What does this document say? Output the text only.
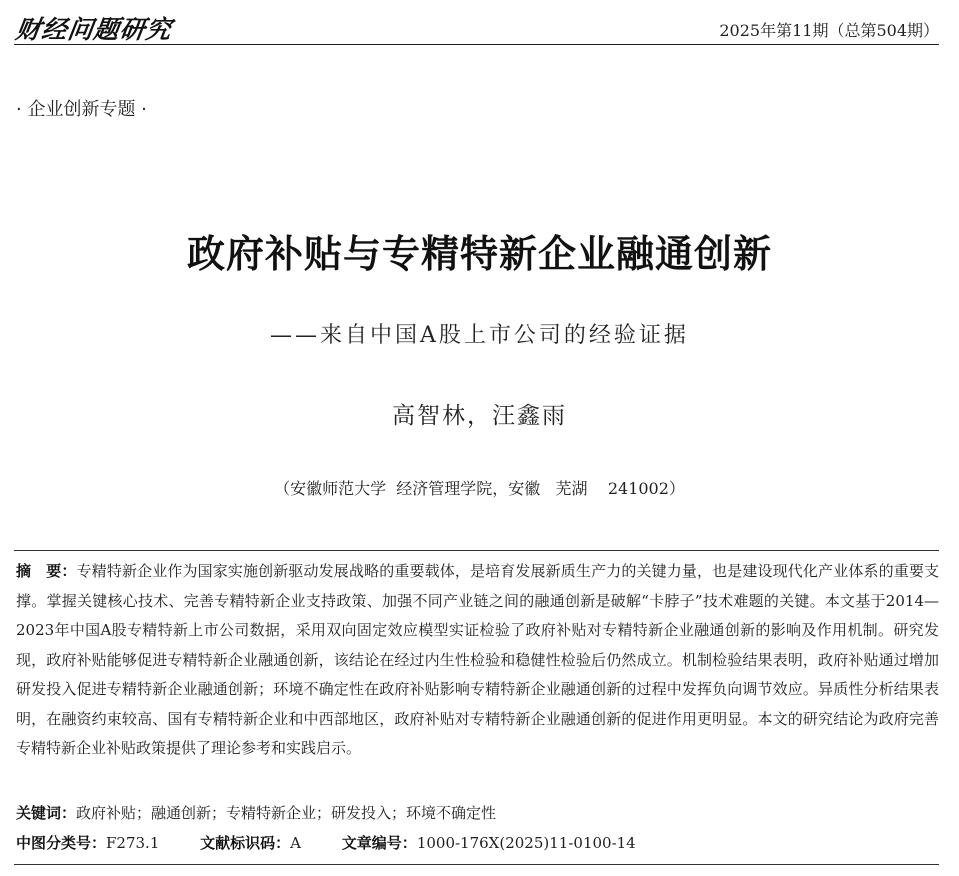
财经问题研究	2025年第11期（总第504期）
· 企业创新专题 ·
政府补贴与专精特新企业融通创新
——来自中国A股上市公司的经验证据
高智林，汪鑫雨
（安徽师范大学  经济管理学院，安徽   芜湖    241002）
摘　要：专精特新企业作为国家实施创新驱动发展战略的重要载体，是培育发展新质生产力的关键力量，也是建设现代化产业体系的重要支撑。掌握关键核心技术、完善专精特新企业支持政策、加强不同产业链之间的融通创新是破解“卡脖子”技术难题的关键。本文基于2014—2023年中国A股专精特新上市公司数据，采用双向固定效应模型实证检验了政府补贴对专精特新企业融通创新的影响及作用机制。研究发现，政府补贴能够促进专精特新企业融通创新，该结论在经过内生性检验和稳健性检验后仍然成立。机制检验结果表明，政府补贴通过增加研发投入促进专精特新企业融通创新；环境不确定性在政府补贴影响专精特新企业融通创新的过程中发挥负向调节效应。异质性分析结果表明，在融资约束较高、国有专精特新企业和中西部地区，政府补贴对专精特新企业融通创新的促进作用更明显。本文的研究结论为政府完善专精特新企业补贴政策提供了理论参考和实践启示。
关键词：政府补贴；融通创新；专精特新企业；研发投入；环境不确定性
中图分类号：F273.1	文献标识码：A	文章编号：1000-176X(2025)11-0100-14
